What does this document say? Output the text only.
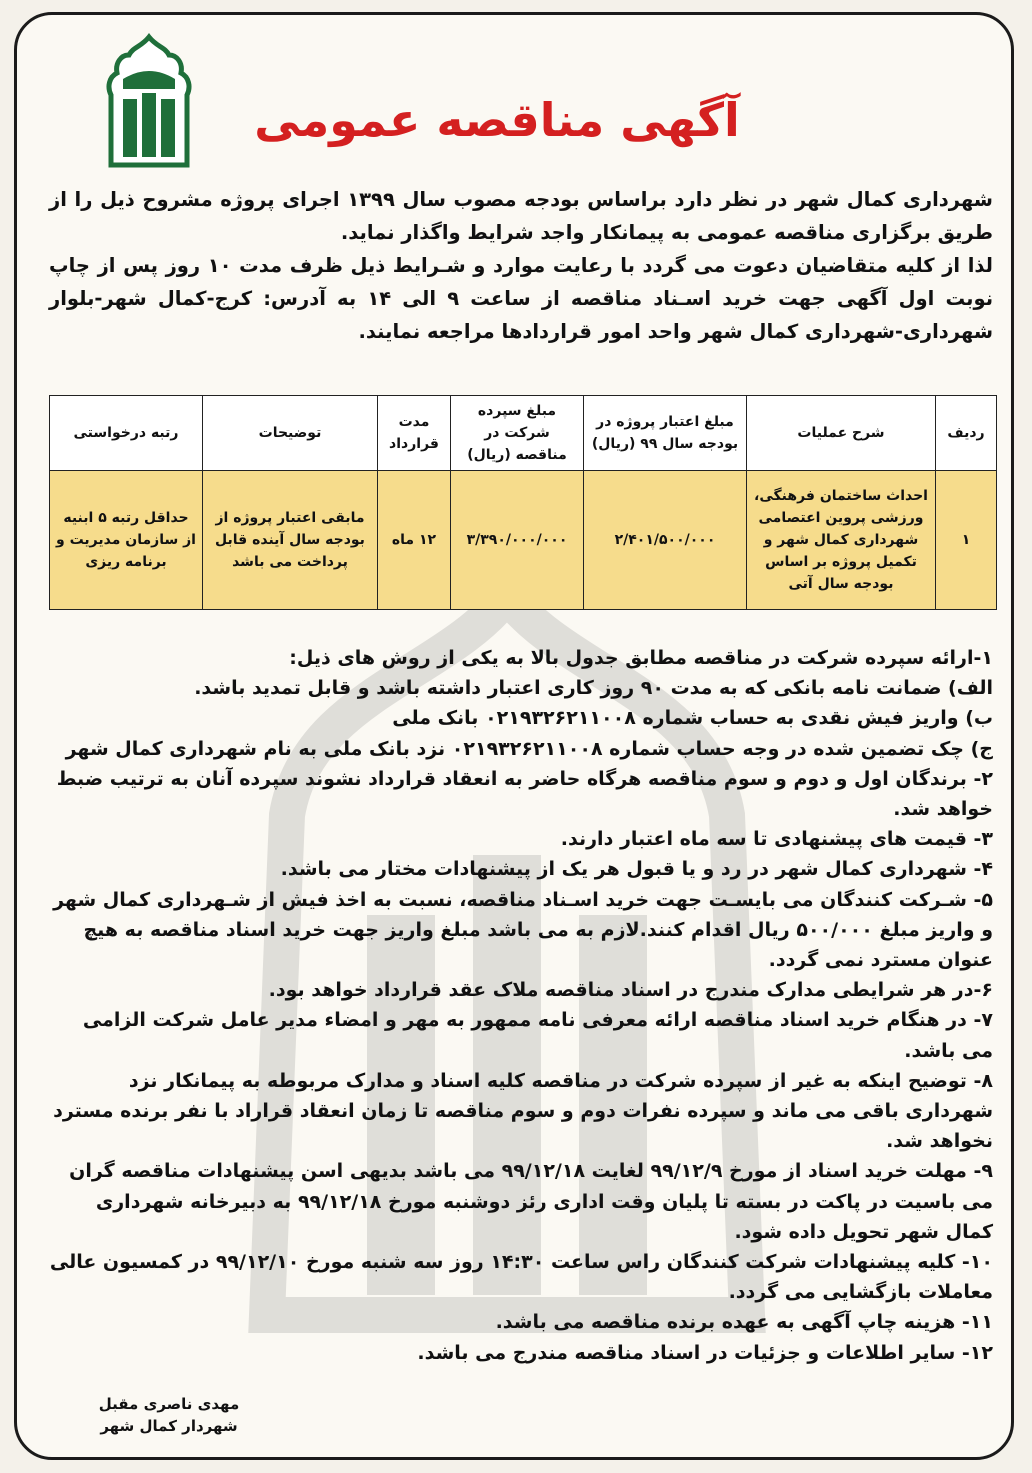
آگهی مناقصه عمومی

شهرداری کمال شهر در نظر دارد براساس بودجه مصوب سال ۱۳۹۹ اجرای پروژه مشروح ذیل را از طریق برگزاری مناقصه عمومی به پیمانکار واجد شرایط واگذار نماید.

لذا از کلیه متقاضیان دعوت می گردد با رعایت موارد و شـرایط ذیل ظرف مدت ۱۰ روز پس از چاپ نوبت اول آگهی جهت خرید اسـناد مناقصه از ساعت ۹ الی ۱۴ به آدرس: کرج-کمال شهر-بلوار شهرداری-شهرداری کمال شهر واحد امور قراردادها مراجعه نمایند.

ردیف	شرح عملیات	مبلغ اعتبار پروژه در بودجه سال ۹۹ (ریال)	مبلغ سپرده شرکت در مناقصه (ریال)	مدت قرارداد	توضیحات	رتبه درخواستی
۱	احداث ساختمان فرهنگی، ورزشی پروین اعتصامی شهرداری کمال شهر و تکمیل پروژه بر اساس بودجه سال آتی	۲/۴۰۱/۵۰۰/۰۰۰	۳/۳۹۰/۰۰۰/۰۰۰	۱۲ ماه	مابقی اعتبار پروژه از بودجه سال آینده قابل پرداخت می باشد	حداقل رتبه ۵ ابنیه از سازمان مدیریت و برنامه ریزی

۱-ارائه سپرده شرکت در مناقصه مطابق جدول بالا به یکی از روش های ذیل:

الف) ضمانت نامه بانکی که به مدت ۹۰ روز کاری اعتبار داشته باشد و قابل تمدید باشد.

ب) واریز فیش نقدی به حساب شماره ۰۲۱۹۳۲۶۲۱۱۰۰۸ بانک ملی

ج) چک تضمین شده در وجه حساب شماره ۰۲۱۹۳۲۶۲۱۱۰۰۸ نزد بانک ملی به نام شهرداری کمال شهر

۲- برندگان اول و دوم و سوم مناقصه هرگاه حاضر به انعقاد قرارداد نشوند سپرده آنان به ترتیب ضبط خواهد شد.

۳- قیمت های پیشنهادی تا سه ماه اعتبار دارند.

۴- شهرداری کمال شهر در رد و یا قبول هر یک از پیشنهادات مختار می باشد.

۵- شـرکت کنندگان می بایسـت جهت خرید اسـناد مناقصه، نسبت به اخذ فیش از شـهرداری کمال شهر و واریز مبلغ ۵۰۰/۰۰۰ ریال اقدام کنند.لازم به می باشد مبلغ واریز جهت خرید اسناد مناقصه به هیچ عنوان مسترد نمی گردد.

۶-در هر شرایطی مدارک مندرج در اسناد مناقصه ملاک عقد قرارداد خواهد بود.

۷- در هنگام خرید اسناد مناقصه ارائه معرفی نامه ممهور به مهر و امضاء مدیر عامل شرکت الزامی می باشد.

۸- توضیح اینکه به غیر از سپرده شرکت در مناقصه کلیه اسناد و مدارک مربوطه به پیمانکار نزد شهرداری باقی می ماند و سپرده نفرات دوم و سوم مناقصه تا زمان انعقاد قراراد با نفر برنده مسترد نخواهد شد.

۹- مهلت خرید اسناد از مورخ ۹۹/۱۲/۹ لغایت ۹۹/۱۲/۱۸ می باشد بدیهی اسن پیشنهادات مناقصه گران می باسیت در پاکت در بسته تا پلیان وقت اداری رئز دوشنبه مورخ ۹۹/۱۲/۱۸ به دبیرخانه شهرداری کمال شهر تحویل داده شود.

۱۰- کلیه پیشنهادات شرکت کنندگان راس ساعت ۱۴:۳۰ روز سه شنبه مورخ ۹۹/۱۲/۱۰ در کمسیون عالی معاملات بازگشایی می گردد.

۱۱- هزینه چاپ آگهی به عهده برنده مناقصه می باشد.

۱۲- سایر اطلاعات و جزئیات در اسناد مناقصه مندرج می باشد.

مهدی ناصری مقبل

شهردار کمال شهر
